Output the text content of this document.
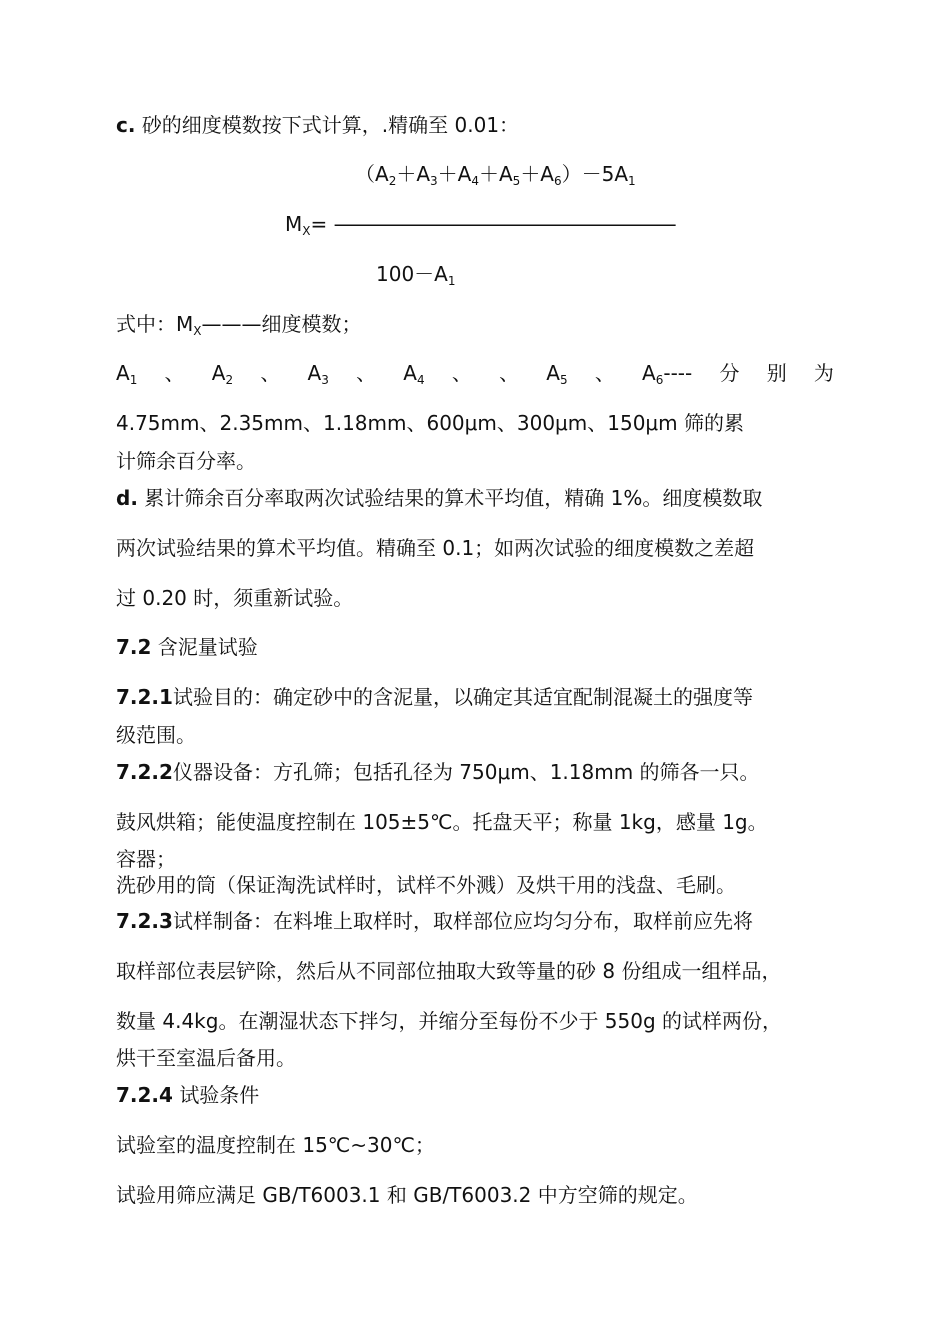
c. 砂的细度模数按下式计算，.精确至 0.01：
$(A_2+A_3+A_4+A_5+A_6)-5A_1$
$M_X=$ ————————————————————
$100-A_1$
式中：$M_X———$细度模数；
$A_1$ 、 $A_2$ 、 $A_3$ 、 $A_4$ 、 、 $A_5$ 、 $A_6----$ 分 别 为
4.75mm、2.35mm、1.18mm、600μm、300μm、150μm 筛的累
计筛余百分率。
d. 累计筛余百分率取两次试验结果的算术平均值，精确 1%。细度模数取
两次试验结果的算术平均值。精确至 0.1；如两次试验的细度模数之差超
过 0.20 时，须重新试验。
7.2 含泥量试验
7.2.1试验目的：确定砂中的含泥量，以确定其适宜配制混凝土的强度等
级范围。
7.2.2仪器设备：方孔筛；包括孔径为 750μm、1.18mm 的筛各一只。
鼓风烘箱；能使温度控制在 105±5℃。托盘天平；称量 1kg，感量 1g。
容器；
洗砂用的筒（保证淘洗试样时，试样不外溅）及烘干用的浅盘、毛刷。
7.2.3试样制备：在料堆上取样时，取样部位应均匀分布，取样前应先将
取样部位表层铲除，然后从不同部位抽取大致等量的砂 8 份组成一组样品，
数量 4.4kg。在潮湿状态下拌匀，并缩分至每份不少于 550g 的试样两份，
烘干至室温后备用。
7.2.4 试验条件
试验室的温度控制在 15℃~30℃；
试验用筛应满足 GB/T6003.1 和 GB/T6003.2 中方空筛的规定。
